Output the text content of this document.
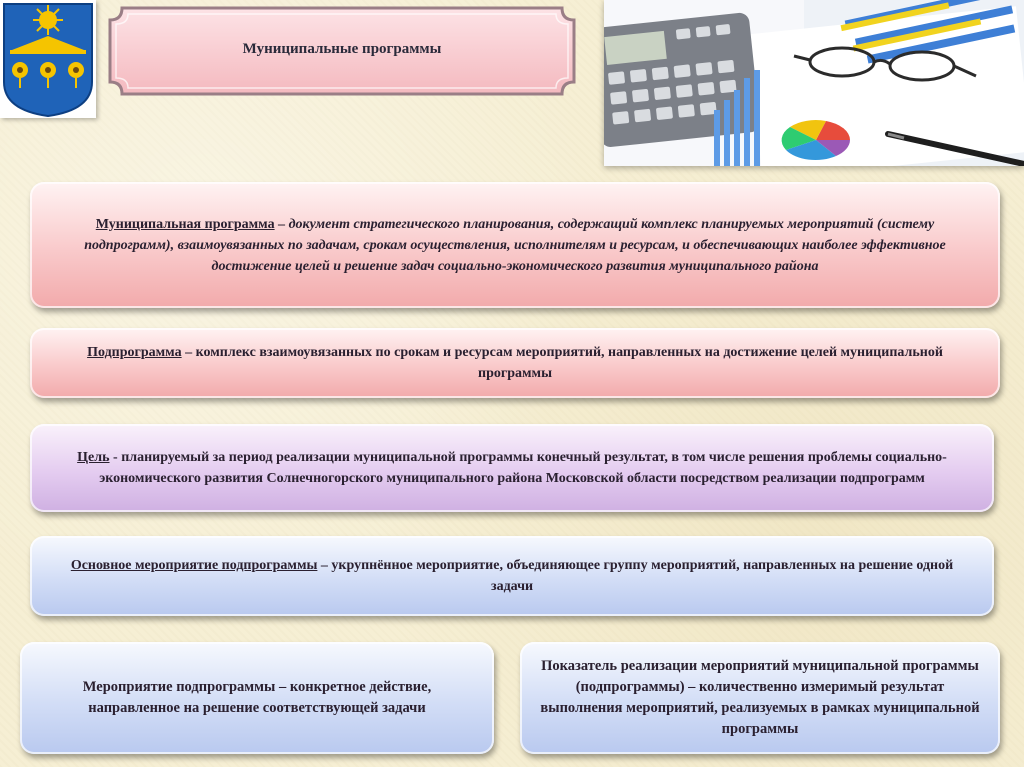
Муниципальные программы
Муниципальная программа – документ стратегического планирования, содержащий комплекс планируемых мероприятий (систему подпрограмм), взаимоувязанных по задачам, срокам осуществления, исполнителям и ресурсам, и обеспечивающих наиболее эффективное достижение целей и решение задач социально-экономического развития муниципального района
Подпрограмма – комплекс взаимоувязанных по срокам и ресурсам мероприятий, направленных на достижение целей муниципальной программы
Цель - планируемый за период реализации муниципальной программы конечный результат, в том числе решения проблемы социально-экономического развития Солнечногорского муниципального района Московской области посредством реализации подпрограмм
Основное мероприятие подпрограммы – укрупнённое мероприятие, объединяющее группу мероприятий, направленных на решение одной задачи
Мероприятие подпрограммы – конкретное действие, направленное на решение соответствующей задачи
Показатель реализации мероприятий муниципальной программы (подпрограммы) – количественно измеримый результат выполнения мероприятий, реализуемых в рамках муниципальной программы
